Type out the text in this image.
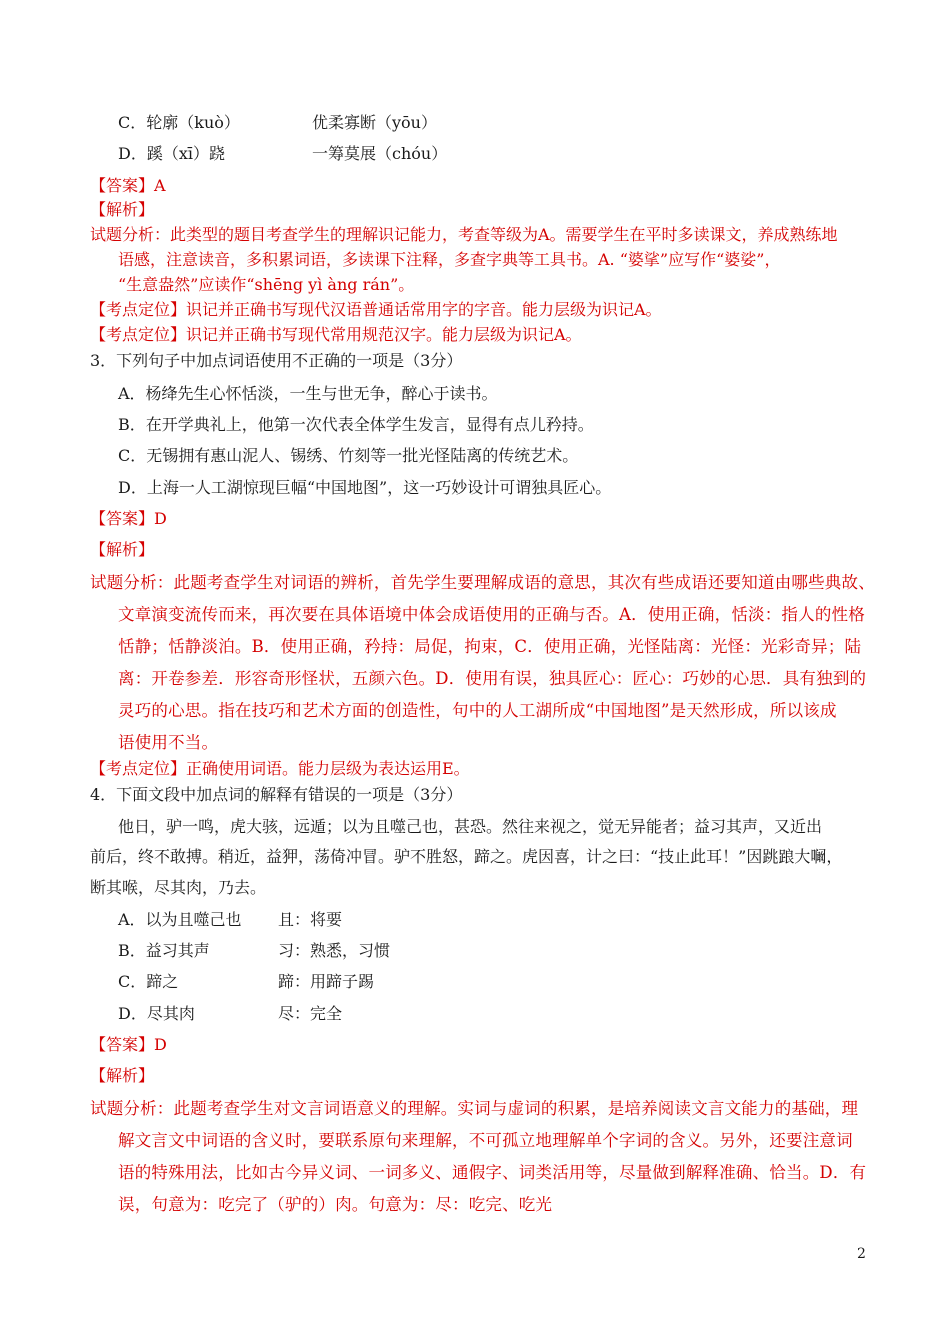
C．轮廓（kuò）	优柔寡断（yōu）
D．蹊（xī）跷	一筹莫展（chóu）
【答案】A
【解析】
试题分析：此类型的题目考查学生的理解识记能力，考查等级为A。需要学生在平时多读课文，养成熟练地
语感，注意读音，多积累词语，多读课下注释，多查字典等工具书。A. “婆挲”应写作“婆娑”，
“生意盎然”应读作“shēng yì àng rán”。
【考点定位】识记并正确书写现代汉语普通话常用字的字音。能力层级为识记A。
【考点定位】识记并正确书写现代常用规范汉字。能力层级为识记A。
3．下列句子中加点词语使用不正确的一项是（3分）
A．杨绛先生心怀恬淡，一生与世无争，醉心于读书。
B．在开学典礼上，他第一次代表全体学生发言，显得有点儿矜持。
C．无锡拥有惠山泥人、锡绣、竹刻等一批光怪陆离的传统艺术。
D．上海一人工湖惊现巨幅“中国地图”，这一巧妙设计可谓独具匠心。
【答案】D
【解析】
试题分析：此题考查学生对词语的辨析，首先学生要理解成语的意思，其次有些成语还要知道由哪些典故、
文章演变流传而来，再次要在具体语境中体会成语使用的正确与否。A．使用正确，恬淡：指人的性格
恬静；恬静淡泊。B．使用正确，矜持：局促，拘束，C．使用正确，光怪陆离：光怪：光彩奇异；陆
离：开卷参差．形容奇形怪状，五颜六色。D．使用有误，独具匠心：匠心：巧妙的心思．具有独到的
灵巧的心思。指在技巧和艺术方面的创造性，句中的人工湖所成“中国地图”是天然形成，所以该成
语使用不当。
【考点定位】正确使用词语。能力层级为表达运用E。
4．下面文段中加点词的解释有错误的一项是（3分）
他日，驴一鸣，虎大骇，远遁；以为且噬己也，甚恐。然往来视之，觉无异能者；益习其声，又近出
前后，终不敢搏。稍近，益狎，荡倚冲冒。驴不胜怒，蹄之。虎因喜，计之曰：“技止此耳！”因跳踉大㘎，
断其喉，尽其肉，乃去。
A．以为且噬己也 且：将要
B．益习其声	习：熟悉，习惯
C．蹄之	蹄：用蹄子踢
D．尽其肉	尽：完全
【答案】D
【解析】
试题分析：此题考查学生对文言词语意义的理解。实词与虚词的积累，是培养阅读文言文能力的基础，理
解文言文中词语的含义时，要联系原句来理解，不可孤立地理解单个字词的含义。另外，还要注意词
语的特殊用法，比如古今异义词、一词多义、通假字、词类活用等，尽量做到解释准确、恰当。D．有
误，句意为：吃完了（驴的）肉。句意为：尽：吃完、吃光
2
